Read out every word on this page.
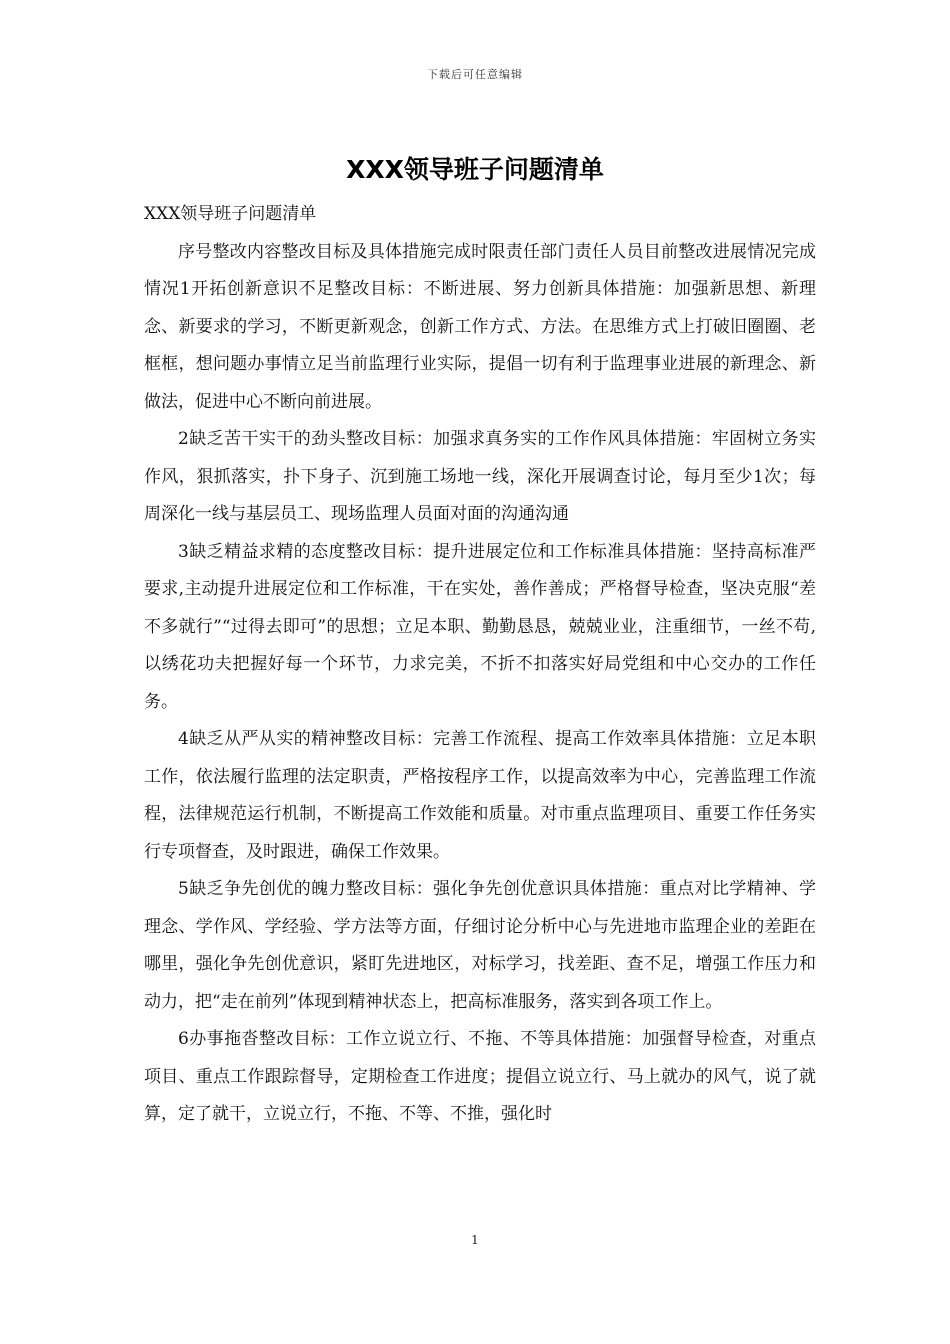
下载后可任意编辑
XXX领导班子问题清单

XXX领导班子问题清单

序号整改内容整改目标及具体措施完成时限责任部门责任人员目前整改进展情况完成情况1开拓创新意识不足整改目标：不断进展、努力创新具体措施：加强新思想、新理念、新要求的学习，不断更新观念，创新工作方式、方法。在思维方式上打破旧圈圈、老框框，想问题办事情立足当前监理行业实际，提倡一切有利于监理事业进展的新理念、新做法，促进中心不断向前进展。

2缺乏苦干实干的劲头整改目标：加强求真务实的工作作风具体措施：牢固树立务实作风，狠抓落实，扑下身子、沉到施工场地一线，深化开展调查讨论，每月至少1次；每周深化一线与基层员工、现场监理人员面对面的沟通沟通

3缺乏精益求精的态度整改目标：提升进展定位和工作标准具体措施：坚持高标准严要求,主动提升进展定位和工作标准，干在实处，善作善成；严格督导检查，坚决克服“差不多就行”“过得去即可”的思想；立足本职、勤勤恳恳，兢兢业业，注重细节，一丝不苟,以绣花功夫把握好每一个环节，力求完美，不折不扣落实好局党组和中心交办的工作任务。

4缺乏从严从实的精神整改目标：完善工作流程、提高工作效率具体措施：立足本职工作，依法履行监理的法定职责，严格按程序工作，以提高效率为中心，完善监理工作流程，法律规范运行机制，不断提高工作效能和质量。对市重点监理项目、重要工作任务实行专项督查，及时跟进，确保工作效果。

5缺乏争先创优的魄力整改目标：强化争先创优意识具体措施：重点对比学精神、学理念、学作风、学经验、学方法等方面，仔细讨论分析中心与先进地市监理企业的差距在哪里，强化争先创优意识，紧盯先进地区，对标学习，找差距、查不足，增强工作压力和动力，把“走在前列”体现到精神状态上，把高标准服务，落实到各项工作上。

6办事拖沓整改目标：工作立说立行、不拖、不等具体措施：加强督导检查，对重点项目、重点工作跟踪督导，定期检查工作进度；提倡立说立行、马上就办的风气，说了就算，定了就干，立说立行，不拖、不等、不推，强化时

1
